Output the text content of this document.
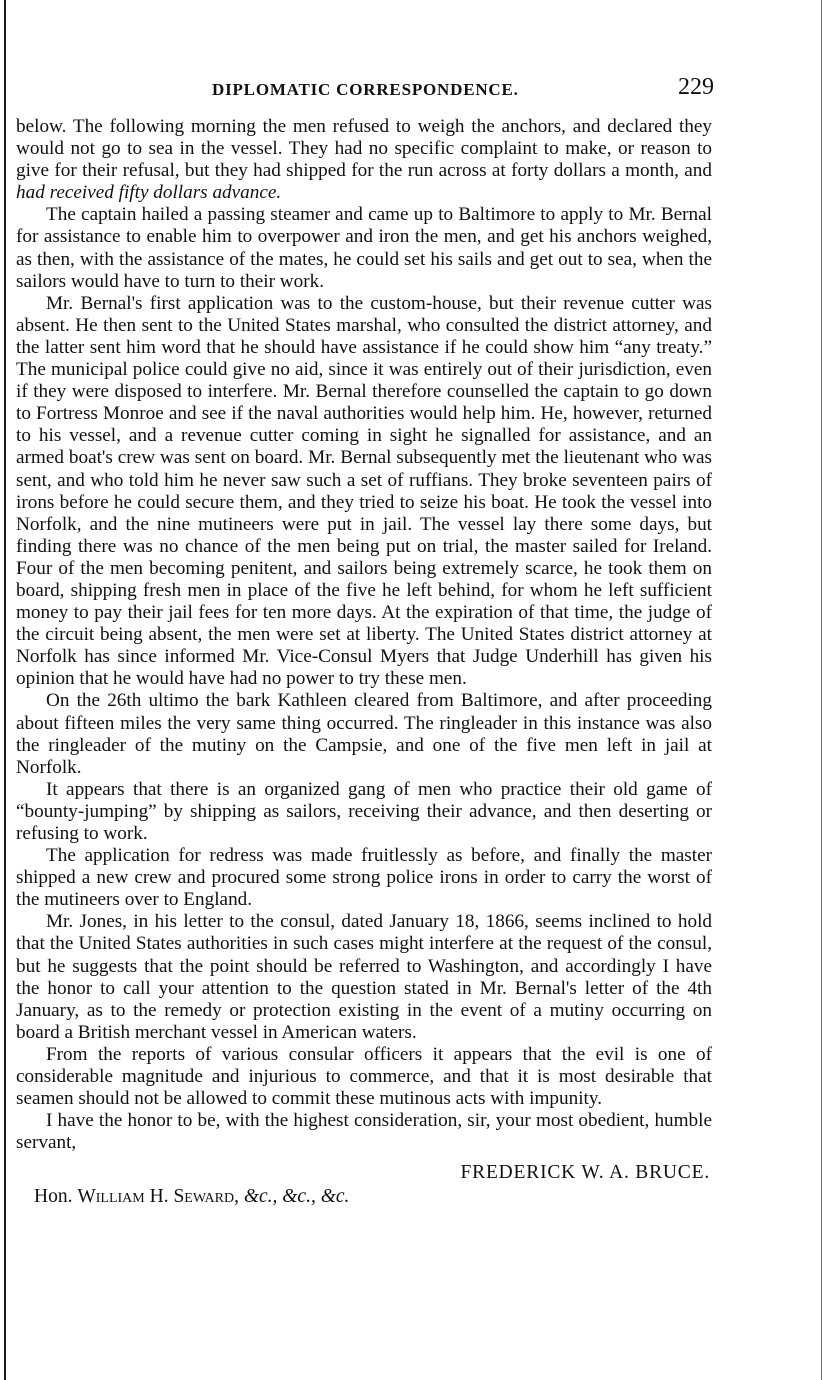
DIPLOMATIC CORRESPONDENCE.	229

below. The following morning the men refused to weigh the anchors, and declared they would not go to sea in the vessel. They had no specific complaint to make, or reason to give for their refusal, but they had shipped for the run across at forty dollars a month, and had received fifty dollars advance.

The captain hailed a passing steamer and came up to Baltimore to apply to Mr. Bernal for assistance to enable him to overpower and iron the men, and get his anchors weighed, as then, with the assistance of the mates, he could set his sails and get out to sea, when the sailors would have to turn to their work.

Mr. Bernal's first application was to the custom-house, but their revenue cutter was absent. He then sent to the United States marshal, who consulted the district attorney, and the latter sent him word that he should have assistance if he could show him “any treaty.” The municipal police could give no aid, since it was entirely out of their jurisdiction, even if they were disposed to interfere. Mr. Bernal therefore counselled the captain to go down to Fortress Monroe and see if the naval authorities would help him. He, however, returned to his vessel, and a revenue cutter coming in sight he signalled for assistance, and an armed boat's crew was sent on board. Mr. Bernal subsequently met the lieutenant who was sent, and who told him he never saw such a set of ruffians. They broke seventeen pairs of irons before he could secure them, and they tried to seize his boat. He took the vessel into Norfolk, and the nine mutineers were put in jail. The vessel lay there some days, but finding there was no chance of the men being put on trial, the master sailed for Ireland. Four of the men becoming penitent, and sailors being extremely scarce, he took them on board, shipping fresh men in place of the five he left behind, for whom he left sufficient money to pay their jail fees for ten more days. At the expiration of that time, the judge of the circuit being absent, the men were set at liberty. The United States district attorney at Norfolk has since informed Mr. Vice-Consul Myers that Judge Underhill has given his opinion that he would have had no power to try these men.

On the 26th ultimo the bark Kathleen cleared from Baltimore, and after proceeding about fifteen miles the very same thing occurred. The ringleader in this instance was also the ringleader of the mutiny on the Campsie, and one of the five men left in jail at Norfolk.

It appears that there is an organized gang of men who practice their old game of “bounty-jumping” by shipping as sailors, receiving their advance, and then deserting or refusing to work.

The application for redress was made fruitlessly as before, and finally the master shipped a new crew and procured some strong police irons in order to carry the worst of the mutineers over to England.

Mr. Jones, in his letter to the consul, dated January 18, 1866, seems inclined to hold that the United States authorities in such cases might interfere at the request of the consul, but he suggests that the point should be referred to Washington, and accordingly I have the honor to call your attention to the question stated in Mr. Bernal's letter of the 4th January, as to the remedy or protection existing in the event of a mutiny occurring on board a British merchant vessel in American waters.

From the reports of various consular officers it appears that the evil is one of considerable magnitude and injurious to commerce, and that it is most desirable that seamen should not be allowed to commit these mutinous acts with impunity.

I have the honor to be, with the highest consideration, sir, your most obedient, humble servant,

FREDERICK W. A. BRUCE.
Hon. William H. Seward, &c., &c., &c.
